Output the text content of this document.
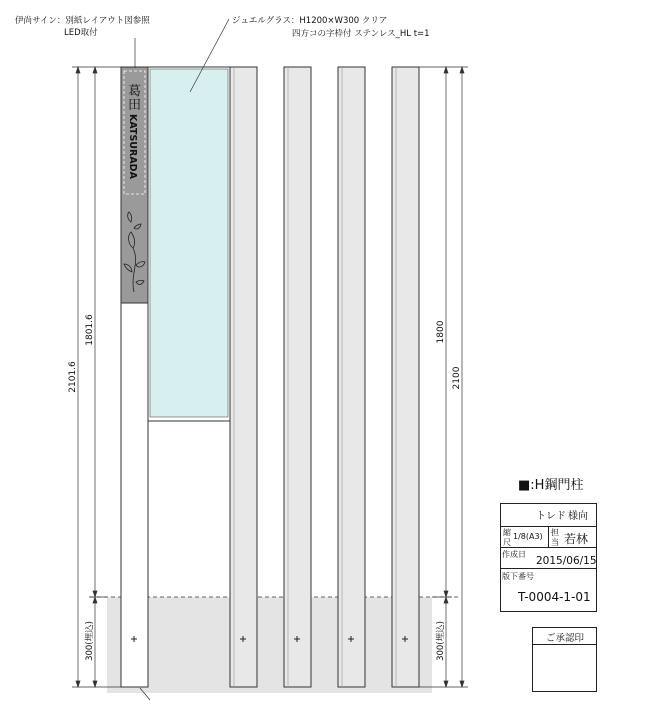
葛
田
KATSURADA
伊尚サイン：別紙レイアウト図参照
LED取付
ジュエルグラス：H1200×W300 クリア
四方コの字枠付 ステンレス_HL t=1
2101.6
1801.6
300(埋込)
1800
2100
300(埋込)
■:H鋼門柱
トレド 様向
縮
尺
1/8(A3) 担
当 若林
作成日
2015/06/15
版下番号
T-0004-1-01
ご承認印
